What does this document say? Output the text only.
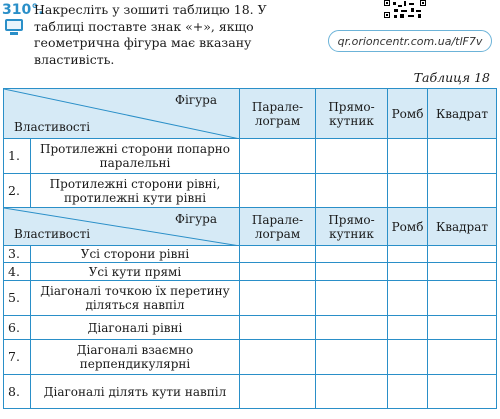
310°.
Накресліть у зошиті таблицю 18. У таблиці поставте знак «+», якщо геометрична фігура має вказану властивість.
qr.orioncentr.com.ua/tlF7v
Таблиця 18
Фігура
Властивості		Парале-лограм	Прямо-кутник	Ромб	Квадрат
1.	Протилежні сторони попарно паралельні				
2.	Протилежні сторони рівні, протилежні кути рівні				
Фігура
Властивості		Парале-лограм	Прямо-кутник	Ромб	Квадрат
3.	Усі сторони рівні				
4.	Усі кути прямі				
5.	Діагоналі точкою їх перетину діляться навпіл				
6.	Діагоналі рівні				
7.	Діагоналі взаємно перпендикулярні				
8.	Діагоналі ділять кути навпіл				
